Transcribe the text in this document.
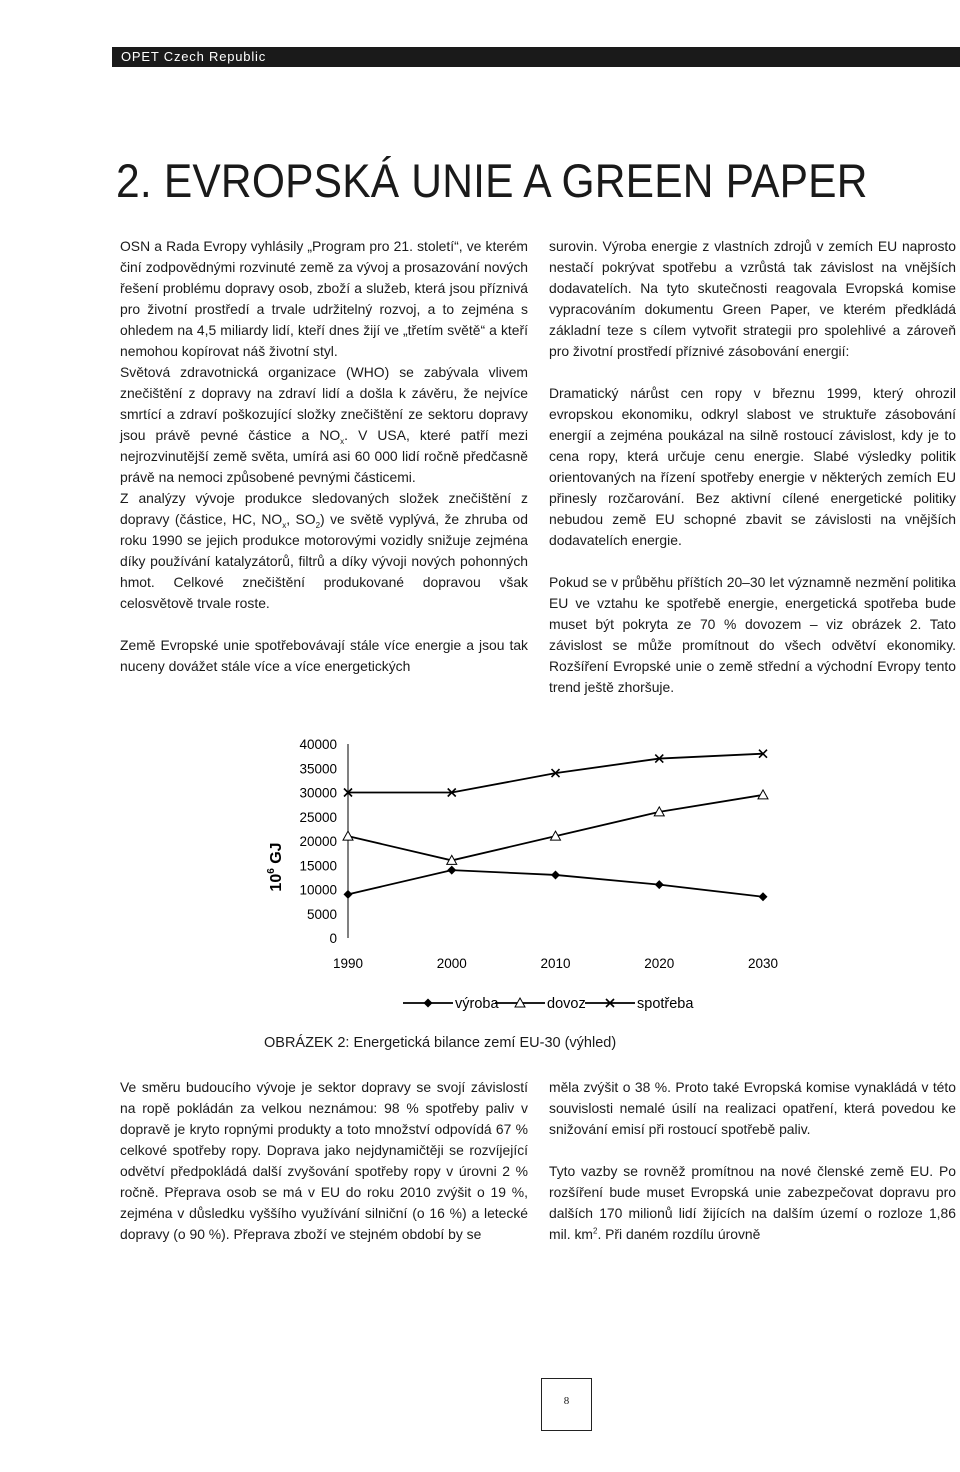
OPET Czech Republic
2. EVROPSKÁ UNIE A GREEN PAPER

OSN a Rada Evropy vyhlásily „Program pro 21. století“, ve kterém činí zodpovědnými rozvinuté země za vývoj a prosazování nových řešení problému dopravy osob, zboží a služeb, která jsou příznivá pro životní prostředí a trvale udržitelný rozvoj, a to zejména s ohledem na 4,5 miliardy lidí, kteří dnes žijí ve „třetím světě“ a kteří nemohou kopírovat náš životní styl.

Světová zdravotnická organizace (WHO) se zabývala vlivem znečištění z dopravy na zdraví lidí a došla k závěru, že nejvíce smrtící a zdraví poškozující složky znečištění ze sektoru dopravy jsou právě pevné částice a $NO_x$. V USA, které patří mezi nejrozvinutější země světa, umírá asi 60 000 lidí ročně předčasně právě na nemoci způsobené pevnými částicemi.

Z analýzy vývoje produkce sledovaných složek znečištění z dopravy (částice, HC, $NO_x$, $SO_2$) ve světě vyplývá, že zhruba od roku 1990 se jejich produkce motorovými vozidly snižuje zejména díky používání katalyzátorů, filtrů a díky vývoji nových pohonných hmot. Celkové znečištění produkované dopravou však celosvětově trvale roste.

Země Evropské unie spotřebovávají stále více energie a jsou tak nuceny dovážet stále více a více energetických

surovin. Výroba energie z vlastních zdrojů v zemích EU naprosto nestačí pokrývat spotřebu a vzrůstá tak závislost na vnějších dodavatelích. Na tyto skutečnosti reagovala Evropská komise vypracováním dokumentu Green Paper, ve kterém předkládá základní teze s cílem vytvořit strategii pro spolehlivé a zároveň pro životní prostředí příznivé zásobování energií:

Dramatický nárůst cen ropy v březnu 1999, který ohrozil evropskou ekonomiku, odkryl slabost ve struktuře zásobování energií a zejména poukázal na silně rostoucí závislost, kdy je to cena ropy, která určuje cenu energie. Slabé výsledky politik orientovaných na řízení spotřeby energie v některých zemích EU přinesly rozčarování. Bez aktivní cílené energetické politiky nebudou země EU schopné zbavit se závislosti na vnějších dodavatelích energie.

Pokud se v průběhu příštích 20–30 let významně nezmění politika EU ve vztahu ke spotřebě energie, energetická spotřeba bude muset být pokryta ze 70 % dovozem – viz obrázek 2. Tato závislost se může promítnout do všech odvětví ekonomiky. Rozšíření Evropské unie o země střední a východní Evropy tento trend ještě zhoršuje.

0
5000
10000
15000
20000
25000
30000
35000
40000
1990	2000	2010	2020	2030
$10^6$ GJ
výroba	dovoz	spotřeba
OBRÁZEK 2: Energetická bilance zemí EU-30 (výhled)

Ve směru budoucího vývoje je sektor dopravy se svojí závislostí na ropě pokládán za velkou neznámou: 98 % spotřeby paliv v dopravě je kryto ropnými produkty a toto množství odpovídá 67 % celkové spotřeby ropy. Doprava jako nejdynamičtěji se rozvíjející odvětví předpokládá další zvyšování spotřeby ropy v úrovni 2 % ročně. Přeprava osob se má v EU do roku 2010 zvýšit o 19 %, zejména v důsledku vyššího využívání silniční (o 16 %) a letecké dopravy (o 90 %). Přeprava zboží ve stejném období by se

měla zvýšit o 38 %. Proto také Evropská komise vynakládá v této souvislosti nemalé úsilí na realizaci opatření, která povedou ke snižování emisí při rostoucí spotřebě paliv.

Tyto vazby se rovněž promítnou na nové členské země EU. Po rozšíření bude muset Evropská unie zabezpečovat dopravu pro dalších 170 milionů lidí žijících na dalším území o rozloze 1,86 mil. $km^2$. Při daném rozdílu úrovně

8
